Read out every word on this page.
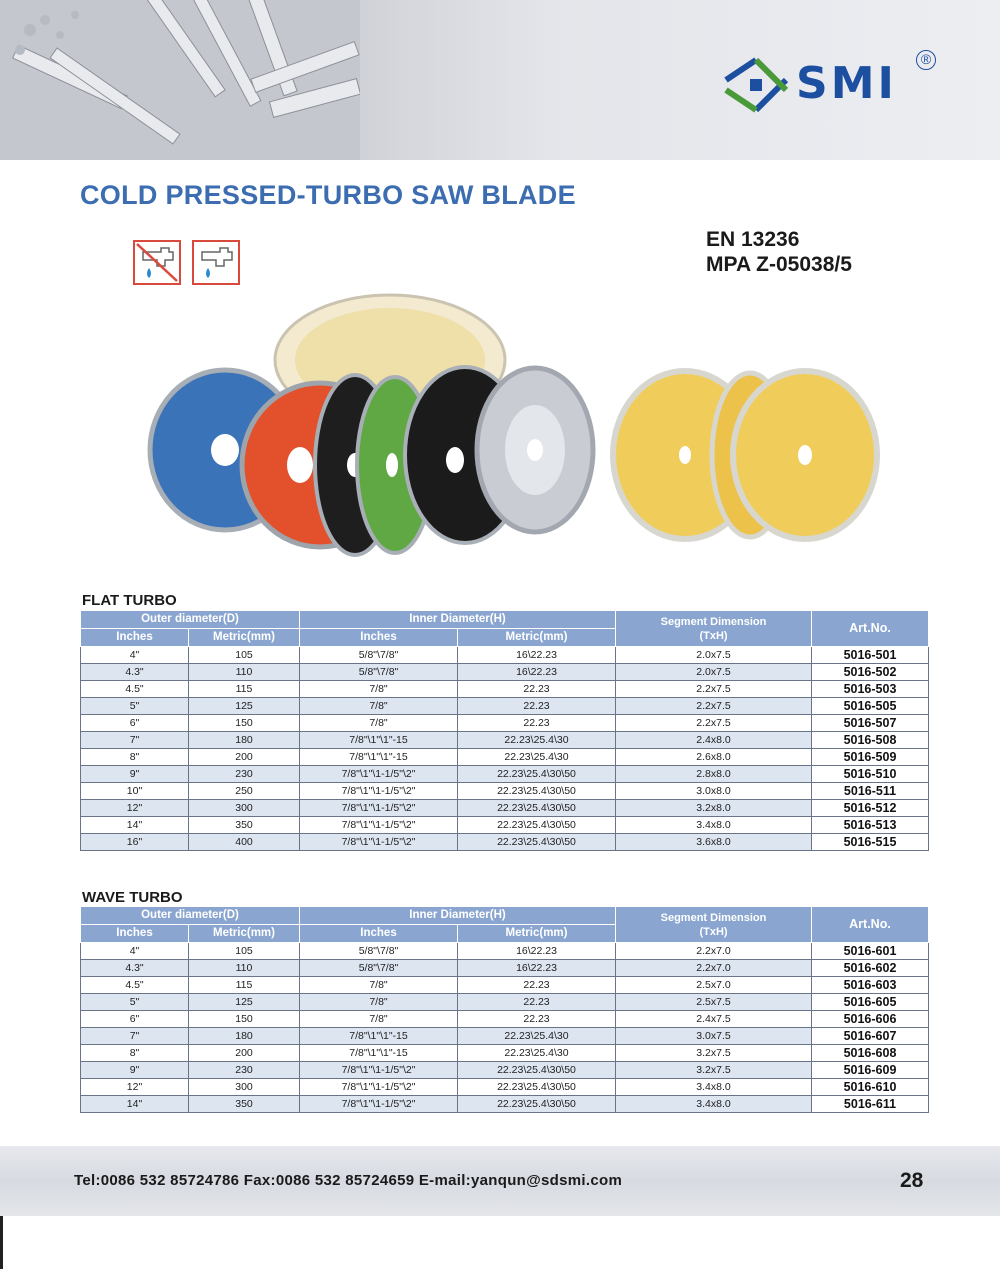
SMI	®
COLD PRESSED-TURBO SAW BLADE
EN 13236
MPA Z-05038/5
FLAT TURBO
Outer diameter(D)		Inner Diameter(H)		Segment Dimension
(TxH)	Art.No.
Inches	Metric(mm)	Inches	Metric(mm)		
4"	105	5/8"\7/8"	16\22.23	2.0x7.5	5016-501
4.3"	110	5/8"\7/8"	16\22.23	2.0x7.5	5016-502
4.5"	115	7/8"	22.23	2.2x7.5	5016-503
5"	125	7/8"	22.23	2.2x7.5	5016-505
6"	150	7/8"	22.23	2.2x7.5	5016-507
7"	180	7/8"\1"\1"-15	22.23\25.4\30	2.4x8.0	5016-508
8"	200	7/8"\1"\1"-15	22.23\25.4\30	2.6x8.0	5016-509
9"	230	7/8"\1"\1-1/5"\2"	22.23\25.4\30\50	2.8x8.0	5016-510
10"	250	7/8"\1"\1-1/5"\2"	22.23\25.4\30\50	3.0x8.0	5016-511
12"	300	7/8"\1"\1-1/5"\2"	22.23\25.4\30\50	3.2x8.0	5016-512
14"	350	7/8"\1"\1-1/5"\2"	22.23\25.4\30\50	3.4x8.0	5016-513
16"	400	7/8"\1"\1-1/5"\2"	22.23\25.4\30\50	3.6x8.0	5016-515
WAVE TURBO
Outer diameter(D)		Inner Diameter(H)		Segment Dimension
(TxH)	Art.No.
Inches	Metric(mm)	Inches	Metric(mm)		
4"	105	5/8"\7/8"	16\22.23	2.2x7.0	5016-601
4.3"	110	5/8"\7/8"	16\22.23	2.2x7.0	5016-602
4.5"	115	7/8"	22.23	2.5x7.0	5016-603
5"	125	7/8"	22.23	2.5x7.5	5016-605
6"	150	7/8"	22.23	2.4x7.5	5016-606
7"	180	7/8"\1"\1"-15	22.23\25.4\30	3.0x7.5	5016-607
8"	200	7/8"\1"\1"-15	22.23\25.4\30	3.2x7.5	5016-608
9"	230	7/8"\1"\1-1/5"\2"	22.23\25.4\30\50	3.2x7.5	5016-609
12"	300	7/8"\1"\1-1/5"\2"	22.23\25.4\30\50	3.4x8.0	5016-610
14"	350	7/8"\1"\1-1/5"\2"	22.23\25.4\30\50	3.4x8.0	5016-611
Tel:0086 532 85724786 Fax:0086 532 85724659 E-mail:yanqun@sdsmi.com	28
